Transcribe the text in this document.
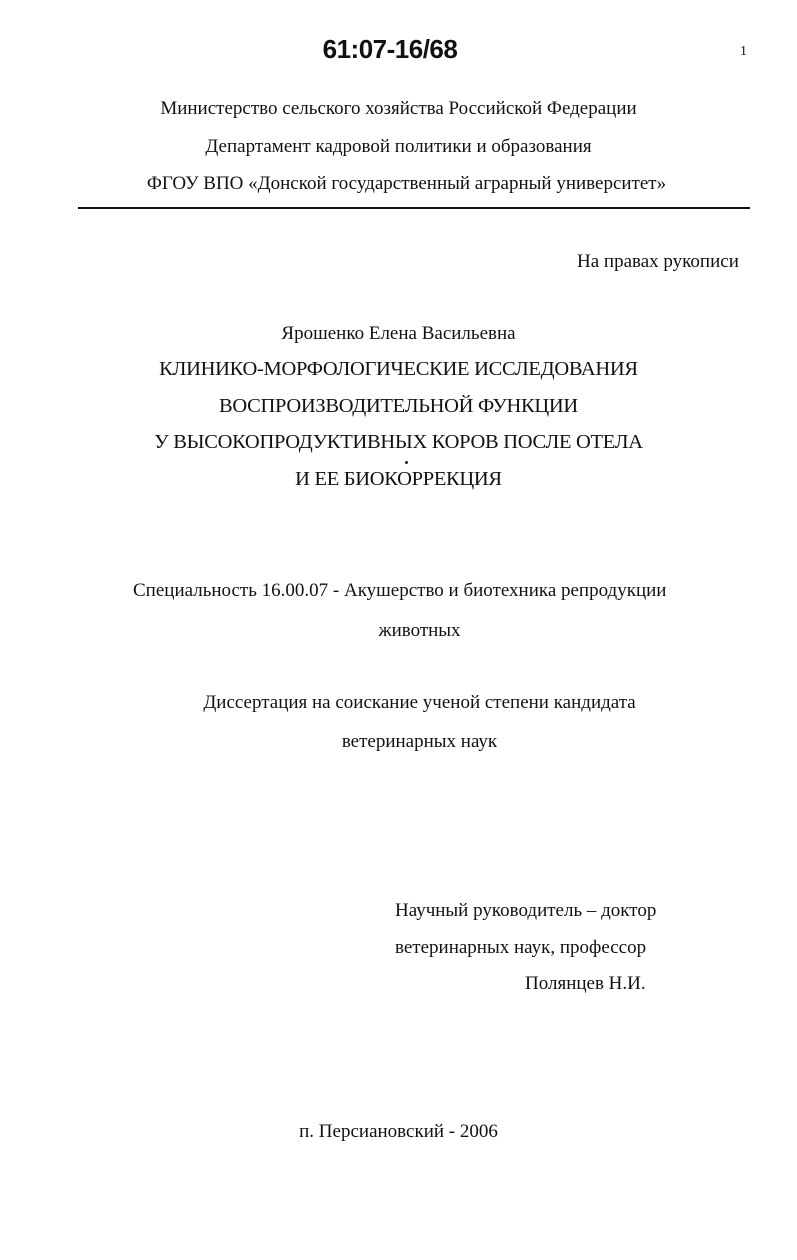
61:07-16/68	1
Министерство сельского хозяйства Российской Федерации
Департамент кадровой политики и образования
ФГОУ ВПО «Донской государственный аграрный университет»
На правах рукописи
Ярошенко Елена Васильевна
КЛИНИКО-МОРФОЛОГИЧЕСКИЕ ИССЛЕДОВАНИЯ
ВОСПРОИЗВОДИТЕЛЬНОЙ ФУНКЦИИ
У ВЫСОКОПРОДУКТИВНЫХ КОРОВ ПОСЛЕ ОТЕЛА
И ЕЕ БИОКОРРЕКЦИЯ
Специальность 16.00.07 - Акушерство и биотехника репродукции
животных
Диссертация на соискание ученой степени кандидата
ветеринарных наук
Научный руководитель – доктор
ветеринарных наук, профессор
Полянцев Н.И.
п. Персиановский - 2006
